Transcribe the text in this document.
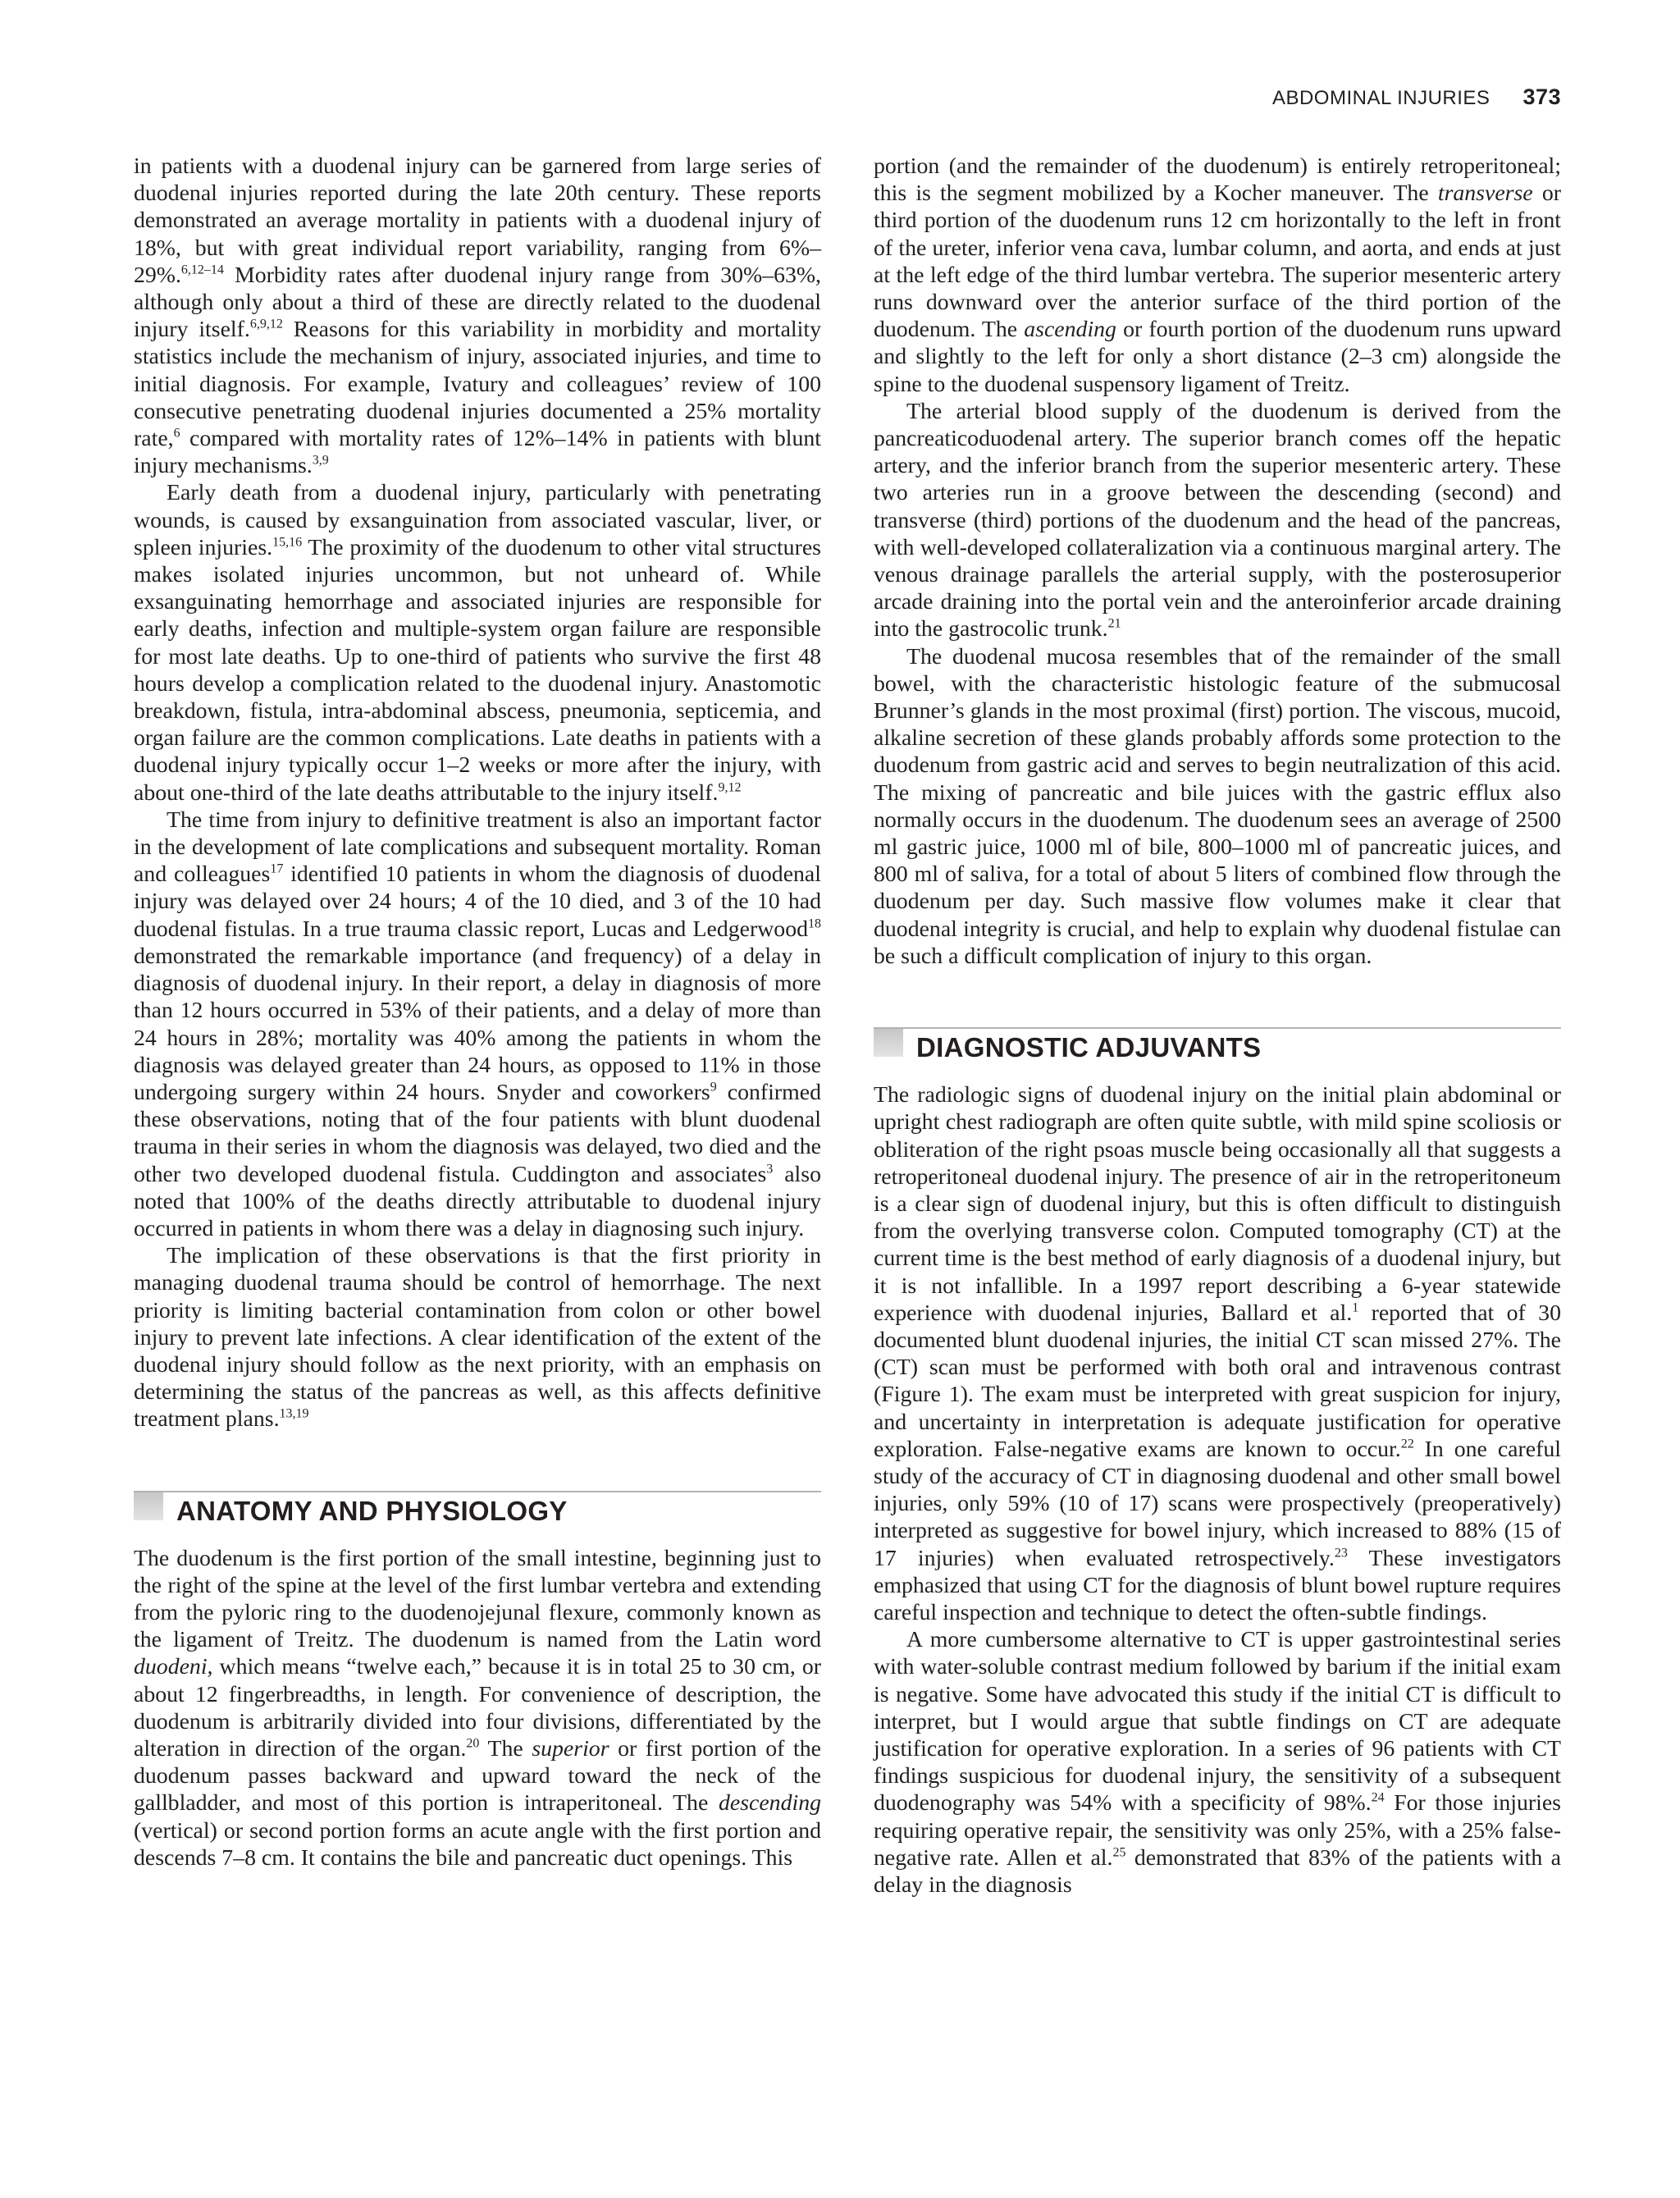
ABDOMINAL INJURIES 373

in patients with a duodenal injury can be garnered from large series of duodenal injuries reported during the late 20th century. These reports demonstrated an average mortality in patients with a duodenal injury of 18%, but with great individual report variability, ranging from 6%–29%.$^{6,12-14}$ Morbidity rates after duodenal injury range from 30%–63%, although only about a third of these are directly related to the duodenal injury itself.$^{6,9,12}$ Reasons for this variability in morbidity and mortality statistics include the mechanism of injury, associated injuries, and time to initial diagnosis. For example, Ivatury and colleagues’ review of 100 consecutive penetrating duodenal injuries documented a 25% mortality rate,$^6$ compared with mortality rates of 12%–14% in patients with blunt injury mechanisms.$^{3,9}$

Early death from a duodenal injury, particularly with penetrating wounds, is caused by exsanguination from associated vascular, liver, or spleen injuries.$^{15,16}$ The proximity of the duodenum to other vital structures makes isolated injuries uncommon, but not unheard of. While exsanguinating hemorrhage and associated injuries are responsible for early deaths, infection and multiple-system organ failure are responsible for most late deaths. Up to one-third of patients who survive the first 48 hours develop a complication related to the duodenal injury. Anastomotic breakdown, fistula, intra-abdominal abscess, pneumonia, septicemia, and organ failure are the common complications. Late deaths in patients with a duodenal injury typically occur 1–2 weeks or more after the injury, with about one-third of the late deaths attributable to the injury itself.$^{9,12}$

The time from injury to definitive treatment is also an important factor in the development of late complications and subsequent mortality. Roman and colleagues$^{17}$ identified 10 patients in whom the diagnosis of duodenal injury was delayed over 24 hours; 4 of the 10 died, and 3 of the 10 had duodenal fistulas. In a true trauma classic report, Lucas and Ledgerwood$^{18}$ demonstrated the remarkable importance (and frequency) of a delay in diagnosis of duodenal injury. In their report, a delay in diagnosis of more than 12 hours occurred in 53% of their patients, and a delay of more than 24 hours in 28%; mortality was 40% among the patients in whom the diagnosis was delayed greater than 24 hours, as opposed to 11% in those undergoing surgery within 24 hours. Snyder and coworkers$^9$ confirmed these observations, noting that of the four patients with blunt duodenal trauma in their series in whom the diagnosis was delayed, two died and the other two developed duodenal fistula. Cuddington and associates$^3$ also noted that 100% of the deaths directly attributable to duodenal injury occurred in patients in whom there was a delay in diagnosing such injury.

The implication of these observations is that the first priority in managing duodenal trauma should be control of hemorrhage. The next priority is limiting bacterial contamination from colon or other bowel injury to prevent late infections. A clear identification of the extent of the duodenal injury should follow as the next priority, with an emphasis on determining the status of the pancreas as well, as this affects definitive treatment plans.$^{13,19}$

ANATOMY AND PHYSIOLOGY

The duodenum is the first portion of the small intestine, beginning just to the right of the spine at the level of the first lumbar vertebra and extending from the pyloric ring to the duodenojejunal flexure, commonly known as the ligament of Treitz. The duodenum is named from the Latin word duodeni, which means “twelve each,” because it is in total 25 to 30 cm, or about 12 fingerbreadths, in length. For convenience of description, the duodenum is arbitrarily divided into four divisions, differentiated by the alteration in direction of the organ.$^{20}$ The superior or first portion of the duodenum passes backward and upward toward the neck of the gallbladder, and most of this portion is intraperitoneal. The descending (vertical) or second portion forms an acute angle with the first portion and descends 7–8 cm. It contains the bile and pancreatic duct openings. This

portion (and the remainder of the duodenum) is entirely retroperitoneal; this is the segment mobilized by a Kocher maneuver. The transverse or third portion of the duodenum runs 12 cm horizontally to the left in front of the ureter, inferior vena cava, lumbar column, and aorta, and ends at just at the left edge of the third lumbar vertebra. The superior mesenteric artery runs downward over the anterior surface of the third portion of the duodenum. The ascending or fourth portion of the duodenum runs upward and slightly to the left for only a short distance (2–3 cm) alongside the spine to the duodenal suspensory ligament of Treitz.

The arterial blood supply of the duodenum is derived from the pancreaticoduodenal artery. The superior branch comes off the hepatic artery, and the inferior branch from the superior mesenteric artery. These two arteries run in a groove between the descending (second) and transverse (third) portions of the duodenum and the head of the pancreas, with well-developed collateralization via a continuous marginal artery. The venous drainage parallels the arterial supply, with the posterosuperior arcade draining into the portal vein and the anteroinferior arcade draining into the gastrocolic trunk.$^{21}$

The duodenal mucosa resembles that of the remainder of the small bowel, with the characteristic histologic feature of the submucosal Brunner’s glands in the most proximal (first) portion. The viscous, mucoid, alkaline secretion of these glands probably affords some protection to the duodenum from gastric acid and serves to begin neutralization of this acid. The mixing of pancreatic and bile juices with the gastric efflux also normally occurs in the duodenum. The duodenum sees an average of 2500 ml gastric juice, 1000 ml of bile, 800–1000 ml of pancreatic juices, and 800 ml of saliva, for a total of about 5 liters of combined flow through the duodenum per day. Such massive flow volumes make it clear that duodenal integrity is crucial, and help to explain why duodenal fistulae can be such a difficult complication of injury to this organ.

DIAGNOSTIC ADJUVANTS

The radiologic signs of duodenal injury on the initial plain abdominal or upright chest radiograph are often quite subtle, with mild spine scoliosis or obliteration of the right psoas muscle being occasionally all that suggests a retroperitoneal duodenal injury. The presence of air in the retroperitoneum is a clear sign of duodenal injury, but this is often difficult to distinguish from the overlying transverse colon. Computed tomography (CT) at the current time is the best method of early diagnosis of a duodenal injury, but it is not infallible. In a 1997 report describing a 6-year statewide experience with duodenal injuries, Ballard et al.$^1$ reported that of 30 documented blunt duodenal injuries, the initial CT scan missed 27%. The (CT) scan must be performed with both oral and intravenous contrast (Figure 1). The exam must be interpreted with great suspicion for injury, and uncertainty in interpretation is adequate justification for operative exploration. False-negative exams are known to occur.$^{22}$ In one careful study of the accuracy of CT in diagnosing duodenal and other small bowel injuries, only 59% (10 of 17) scans were prospectively (preoperatively) interpreted as suggestive for bowel injury, which increased to 88% (15 of 17 injuries) when evaluated retrospectively.$^{23}$ These investigators emphasized that using CT for the diagnosis of blunt bowel rupture requires careful inspection and technique to detect the often-subtle findings.

A more cumbersome alternative to CT is upper gastrointestinal series with water-soluble contrast medium followed by barium if the initial exam is negative. Some have advocated this study if the initial CT is difficult to interpret, but I would argue that subtle findings on CT are adequate justification for operative exploration. In a series of 96 patients with CT findings suspicious for duodenal injury, the sensitivity of a subsequent duodenography was 54% with a specificity of 98%.$^{24}$ For those injuries requiring operative repair, the sensitivity was only 25%, with a 25% false-negative rate. Allen et al.$^{25}$ demonstrated that 83% of the patients with a delay in the diagnosis
